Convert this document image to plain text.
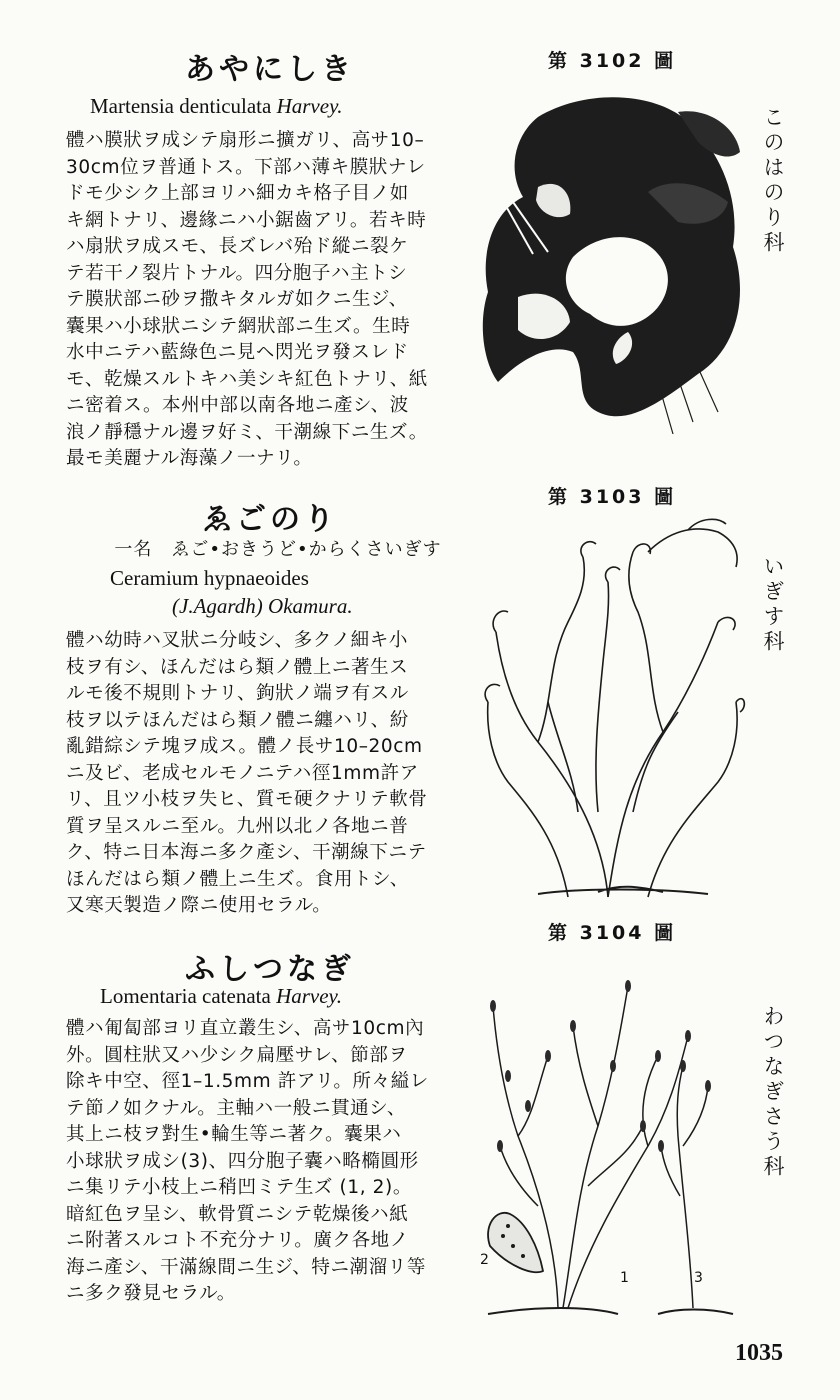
あやにしき
Martensia denticulata Harvey.
體ハ膜狀ヲ成シテ扇形ニ擴ガリ、高サ10–
30cm位ヲ普通トス。下部ハ薄キ膜狀ナレ
ドモ少シク上部ヨリハ細カキ格子目ノ如
キ網トナリ、邊緣ニハ小鋸齒アリ。若キ時
ハ扇狀ヲ成スモ、長ズレバ殆ド縱ニ裂ケ
テ若干ノ裂片トナル。四分胞子ハ主トシ
テ膜狀部ニ砂ヲ撒キタルガ如クニ生ジ、
囊果ハ小球狀ニシテ網狀部ニ生ズ。生時
水中ニテハ藍綠色ニ見ヘ閃光ヲ發スレド
モ、乾燥スルトキハ美シキ紅色トナリ、紙
ニ密着ス。本州中部以南各地ニ產シ、波
浪ノ靜穩ナル邊ヲ好ミ、干潮線下ニ生ズ。
最モ美麗ナル海藻ノ一ナリ。
第 3102 圖
このはのり科
ゑごのり
一名　ゑご•おきうど•からくさいぎす
Ceramium hypnaeoides
(J.Agardh) Okamura.
體ハ幼時ハ叉狀ニ分岐シ、多クノ細キ小
枝ヲ有シ、ほんだはら類ノ體上ニ著生ス
ルモ後不規則トナリ、鉤狀ノ端ヲ有スル
枝ヲ以テほんだはら類ノ體ニ纏ハリ、紛
亂錯綜シテ塊ヲ成ス。體ノ長サ10–20cm
ニ及ビ、老成セルモノニテハ徑1mm許ア
リ、且ツ小枝ヲ失ヒ、質モ硬クナリテ軟骨
質ヲ呈スルニ至ル。九州以北ノ各地ニ普
ク、特ニ日本海ニ多ク產シ、干潮線下ニテ
ほんだはら類ノ體上ニ生ズ。食用トシ、
又寒天製造ノ際ニ使用セラル。
第 3103 圖
いぎす科
ふしつなぎ
Lomentaria catenata Harvey.
體ハ匍匐部ヨリ直立叢生シ、高サ10cm內
外。圓柱狀又ハ少シク扁壓サレ、節部ヲ
除キ中空、徑1–1.5mm 許アリ。所々縊レ
テ節ノ如クナル。主軸ハ一般ニ貫通シ、
其上ニ枝ヲ對生•輪生等ニ著ク。囊果ハ
小球狀ヲ成シ(3)、四分胞子囊ハ略橢圓形
ニ集リテ小枝上ニ稍凹ミテ生ズ (1, 2)。
暗紅色ヲ呈シ、軟骨質ニシテ乾燥後ハ紙
ニ附著スルコト不充分ナリ。廣ク各地ノ
海ニ產シ、干滿線間ニ生ジ、特ニ潮溜リ等
ニ多ク發見セラル。
第 3104 圖
わつなぎさう科
2
1	3
1035
